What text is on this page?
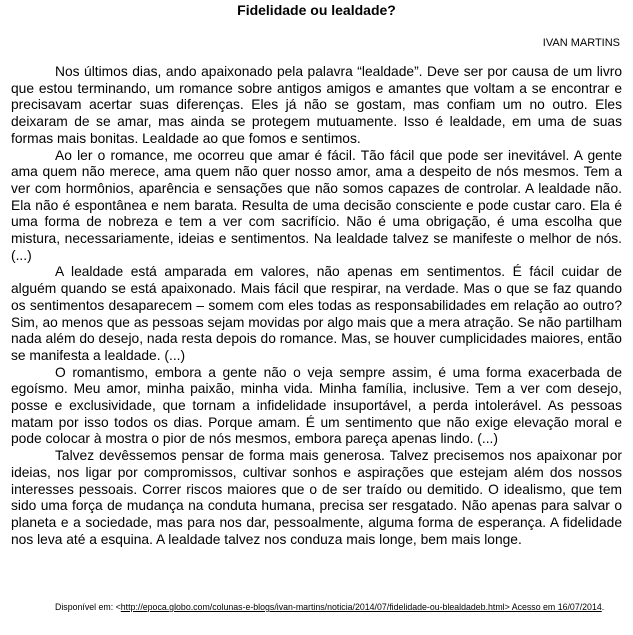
Fidelidade ou lealdade?
IVAN MARTINS

Nos últimos dias, ando apaixonado pela palavra “lealdade”. Deve ser por causa de um livro que estou terminando, um romance sobre antigos amigos e amantes que voltam a se encontrar e precisavam acertar suas diferenças. Eles já não se gostam, mas confiam um no outro. Eles deixaram de se amar, mas ainda se protegem mutuamente. Isso é lealdade, em uma de suas formas mais bonitas. Lealdade ao que fomos e sentimos.

Ao ler o romance, me ocorreu que amar é fácil. Tão fácil que pode ser inevitável. A gente ama quem não merece, ama quem não quer nosso amor, ama a despeito de nós mesmos. Tem a ver com hormônios, aparência e sensações que não somos capazes de controlar. A lealdade não. Ela não é espontânea e nem barata. Resulta de uma decisão consciente e pode custar caro. Ela é uma forma de nobreza e tem a ver com sacrifício. Não é uma obrigação, é uma escolha que mistura, necessariamente, ideias e sentimentos. Na lealdade talvez se manifeste o melhor de nós. (...)

A lealdade está amparada em valores, não apenas em sentimentos. É fácil cuidar de alguém quando se está apaixonado. Mais fácil que respirar, na verdade. Mas o que se faz quando os sentimentos desaparecem – somem com eles todas as responsabilidades em relação ao outro? Sim, ao menos que as pessoas sejam movidas por algo mais que a mera atração. Se não partilham nada além do desejo, nada resta depois do romance. Mas, se houver cumplicidades maiores, então se manifesta a lealdade. (...)

O romantismo, embora a gente não o veja sempre assim, é uma forma exacerbada de egoísmo. Meu amor, minha paixão, minha vida. Minha família, inclusive. Tem a ver com desejo, posse e exclusividade, que tornam a infidelidade insuportável, a perda intolerável. As pessoas matam por isso todos os dias. Porque amam. É um sentimento que não exige elevação moral e pode colocar à mostra o pior de nós mesmos, embora pareça apenas lindo. (...)

Talvez devêssemos pensar de forma mais generosa. Talvez precisemos nos apaixonar por ideias, nos ligar por compromissos, cultivar sonhos e aspirações que estejam além dos nossos interesses pessoais. Correr riscos maiores que o de ser traído ou demitido. O idealismo, que tem sido uma força de mudança na conduta humana, precisa ser resgatado. Não apenas para salvar o planeta e a sociedade, mas para nos dar, pessoalmente, alguma forma de esperança. A fidelidade nos leva até a esquina. A lealdade talvez nos conduza mais longe, bem mais longe.

Disponível em: <http://epoca.globo.com/colunas-e-blogs/ivan-martins/noticia/2014/07/fidelidade-ou-blealdadeb.html> Acesso em 16/07/2014.
